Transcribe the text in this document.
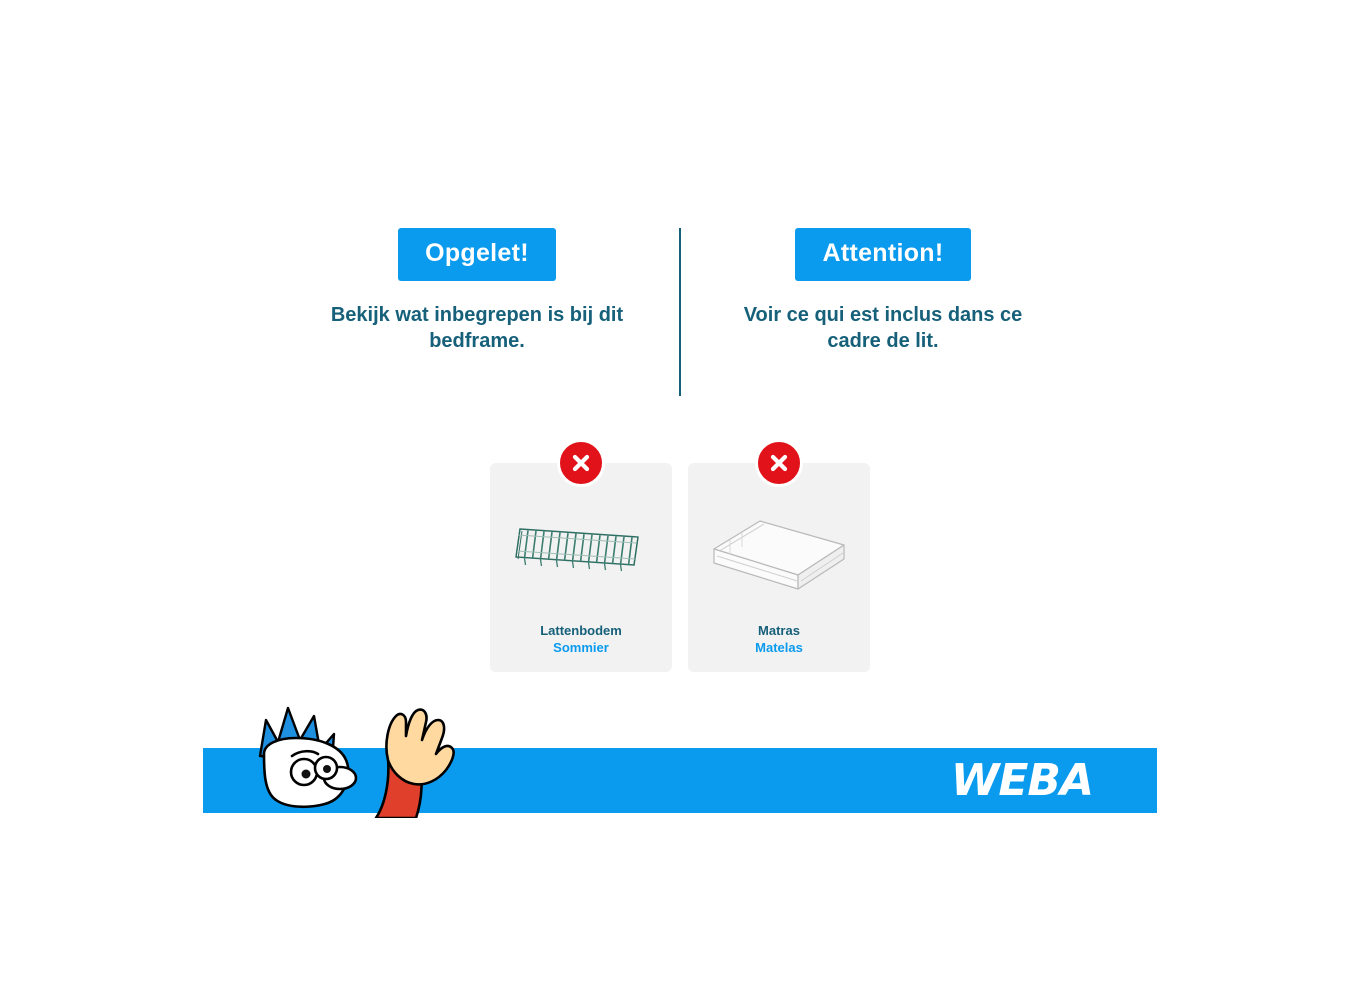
Opgelet!
Bekijk wat inbegrepen is bij dit bedframe.
Attention!
Voir ce qui est inclus dans ce cadre de lit.
Lattenbodem
Sommier
Matras
Matelas
WEBA
